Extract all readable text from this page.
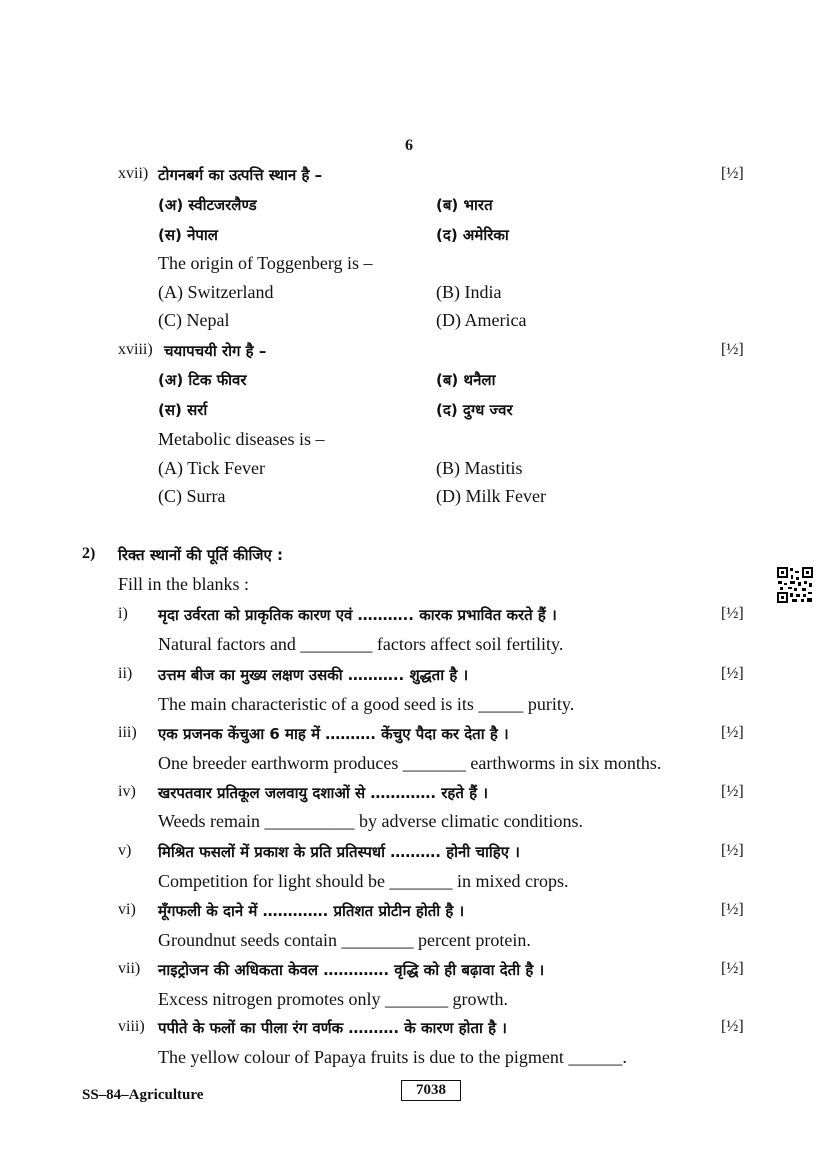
6
xvii) टोगनबर्ग का उत्पत्ति स्थान है –	[½]
(अ) स्वीटजरलैण्ड	(ब) भारत
(स) नेपाल	(द) अमेरिका
The origin of Toggenberg is –
(A) Switzerland	(B) India
(C) Nepal	(D) America
xviii) चयापचयी रोग है –	[½]
(अ) टिक फीवर	(ब) थनैला
(स) सर्रा	(द) दुग्ध ज्वर
Metabolic diseases is –
(A) Tick Fever	(B) Mastitis
(C) Surra	(D) Milk Fever
2) रिक्त स्थानों की पूर्ति कीजिए :
Fill in the blanks :
i) मृदा उर्वरता को प्राकृतिक कारण एवं ……….. कारक प्रभावित करते हैं ।	[½]
Natural factors and ________ factors affect soil fertility.
ii) उत्तम बीज का मुख्य लक्षण उसकी ……….. शुद्धता है ।	[½]
The main characteristic of a good seed is its _____ purity.
iii) एक प्रजनक केंचुआ 6 माह में ………. केंचुए पैदा कर देता है ।	[½]
One breeder earthworm produces _______ earthworms in six months.
iv) खरपतवार प्रतिकूल जलवायु दशाओं से …………. रहते हैं ।	[½]
Weeds remain __________ by adverse climatic conditions.
v) मिश्रित फसलों में प्रकाश के प्रति प्रतिस्पर्धा ………. होनी चाहिए ।	[½]
Competition for light should be _______ in mixed crops.
vi) मूँगफली के दाने में …………. प्रतिशत प्रोटीन होती है ।	[½]
Groundnut seeds contain ________ percent protein.
vii) नाइट्रोजन की अधिकता केवल …………. वृद्धि को ही बढ़ावा देती है ।	[½]
Excess nitrogen promotes only _______ growth.
viii) पपीते के फलों का पीला रंग वर्णक ………. के कारण होता है ।	[½]
The yellow colour of Papaya fruits is due to the pigment ______.
SS–84–Agriculture	7038
